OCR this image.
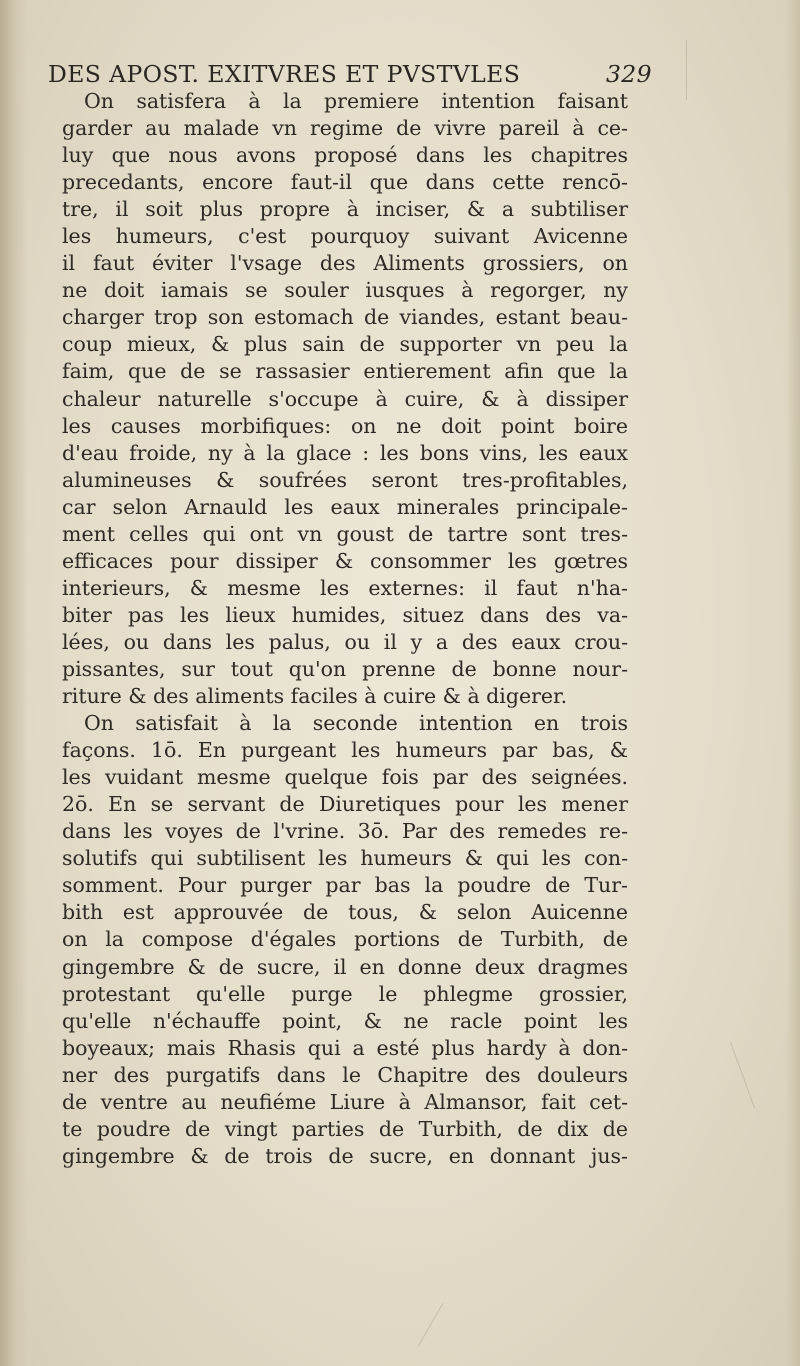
DES APOST. EXITVRES ET PVSTVLES	329
On satisfera à la premiere intention faisant
garder au malade vn regime de vivre pareil à ce-
luy que nous avons proposé dans les chapitres
precedants, encore faut-il que dans cette rencō-
tre, il soit plus propre à inciser, & a subtiliser
les humeurs, c'est pourquoy suivant Avicenne
il faut éviter l'vsage des Aliments grossiers, on
ne doit iamais se souler iusques à regorger, ny
charger trop son estomach de viandes, estant beau-
coup mieux, & plus sain de supporter vn peu la
faim, que de se rassasier entierement afin que la
chaleur naturelle s'occupe à cuire, & à dissiper
les causes morbifiques: on ne doit point boire
d'eau froide, ny à la glace : les bons vins, les eaux
alumineuses & soufrées seront tres-profitables,
car selon Arnauld les eaux minerales principale-
ment celles qui ont vn goust de tartre sont tres-
efficaces pour dissiper & consommer les gœtres
interieurs, & mesme les externes: il faut n'ha-
biter pas les lieux humides, situez dans des va-
lées, ou dans les palus, ou il y a des eaux crou-
pissantes, sur tout qu'on prenne de bonne nour-
riture & des aliments faciles à cuire & à digerer.
On satisfait à la seconde intention en trois
façons. 1ō. En purgeant les humeurs par bas, &
les vuidant mesme quelque fois par des seignées.
2ō. En se servant de Diuretiques pour les mener
dans les voyes de l'vrine. 3ō. Par des remedes re-
solutifs qui subtilisent les humeurs & qui les con-
somment. Pour purger par bas la poudre de Tur-
bith est approuvée de tous, & selon Auicenne
on la compose d'égales portions de Turbith, de
gingembre & de sucre, il en donne deux dragmes
protestant qu'elle purge le phlegme grossier,
qu'elle n'échauffe point, & ne racle point les
boyeaux; mais Rhasis qui a esté plus hardy à don-
ner des purgatifs dans le Chapitre des douleurs
de ventre au neufiéme Liure à Almansor, fait cet-
te poudre de vingt parties de Turbith, de dix de
gingembre & de trois de sucre, en donnant jus-
